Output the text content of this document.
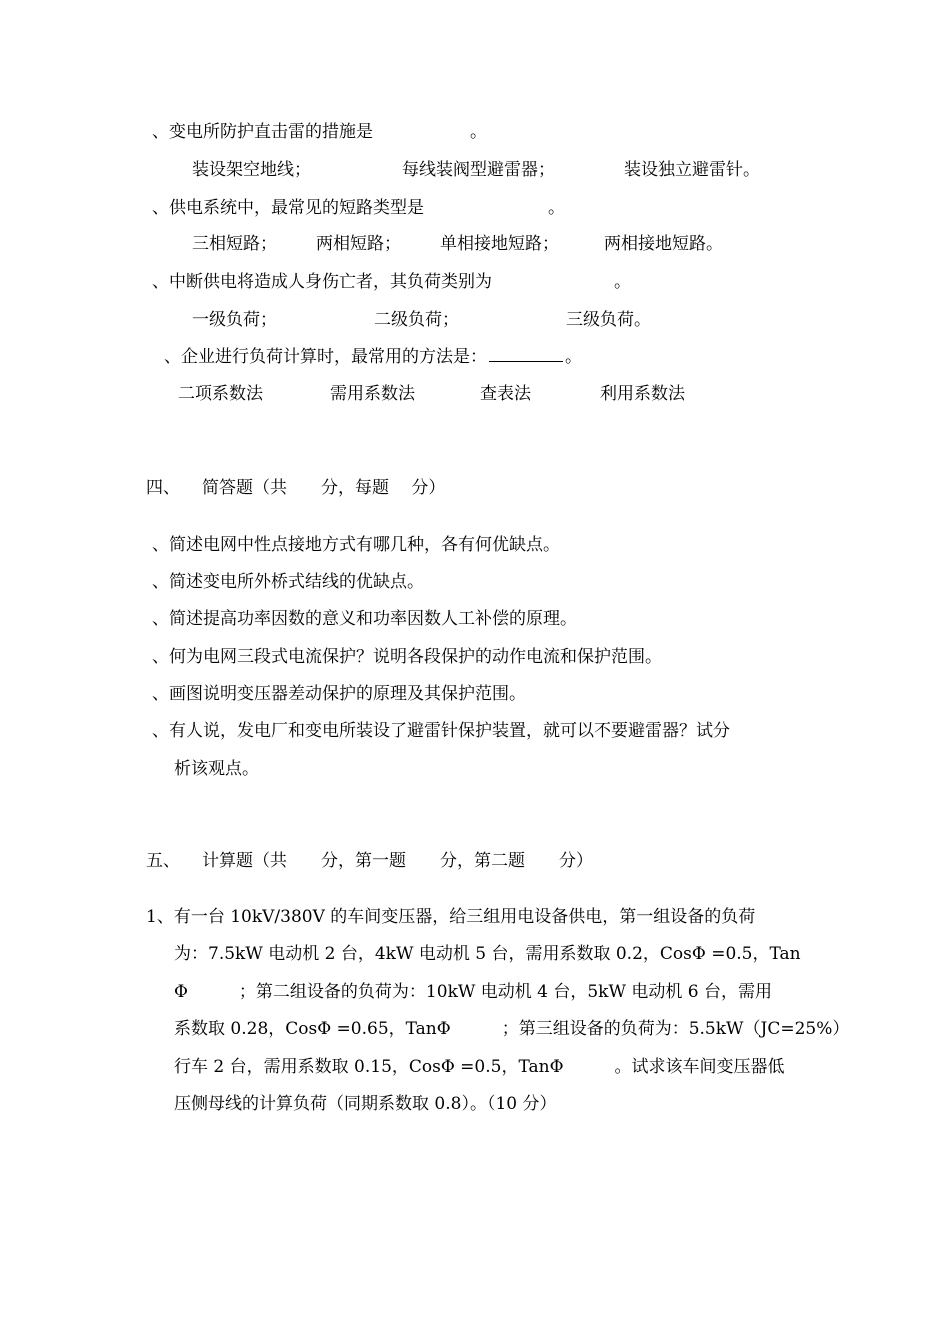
、变电所防护直击雷的措施是	。
装设架空地线；	每线装阀型避雷器；	装设独立避雷针。
、供电系统中，最常见的短路类型是	。
三相短路； 两相短路； 单相接地短路；	两相接地短路。
、中断供电将造成人身伤亡者，其负荷类别为	。
一级负荷；	二级负荷；	三级负荷。
、企业进行负荷计算时，最常用的方法是：	。
二项系数法	需用系数法	查表法	利用系数法
四、 简答题（共　　分，每题　 分）
、简述电网中性点接地方式有哪几种，各有何优缺点。
、简述变电所外桥式结线的优缺点。
、简述提高功率因数的意义和功率因数人工补偿的原理。
、何为电网三段式电流保护？说明各段保护的动作电流和保护范围。
、画图说明变压器差动保护的原理及其保护范围。
、有人说，发电厂和变电所装设了避雷针保护装置，就可以不要避雷器？试分
析该观点。
五、 计算题（共　　分，第一题　　分，第二题　　分）
1、有一台 10kV/380V 的车间变压器，给三组用电设备供电，第一组设备的负荷
为：7.5kW 电动机 2 台，4kW 电动机 5 台，需用系数取 0.2，CosΦ =0.5，Tan
Φ　　　；第二组设备的负荷为：10kW 电动机 4 台，5kW 电动机 6 台，需用
系数取 0.28，CosΦ =0.65，TanΦ　　　；第三组设备的负荷为：5.5kW（JC=25%）
行车 2 台，需用系数取 0.15，CosΦ =0.5，TanΦ　　　。试求该车间变压器低
压侧母线的计算负荷（同期系数取 0.8）。（10 分）
